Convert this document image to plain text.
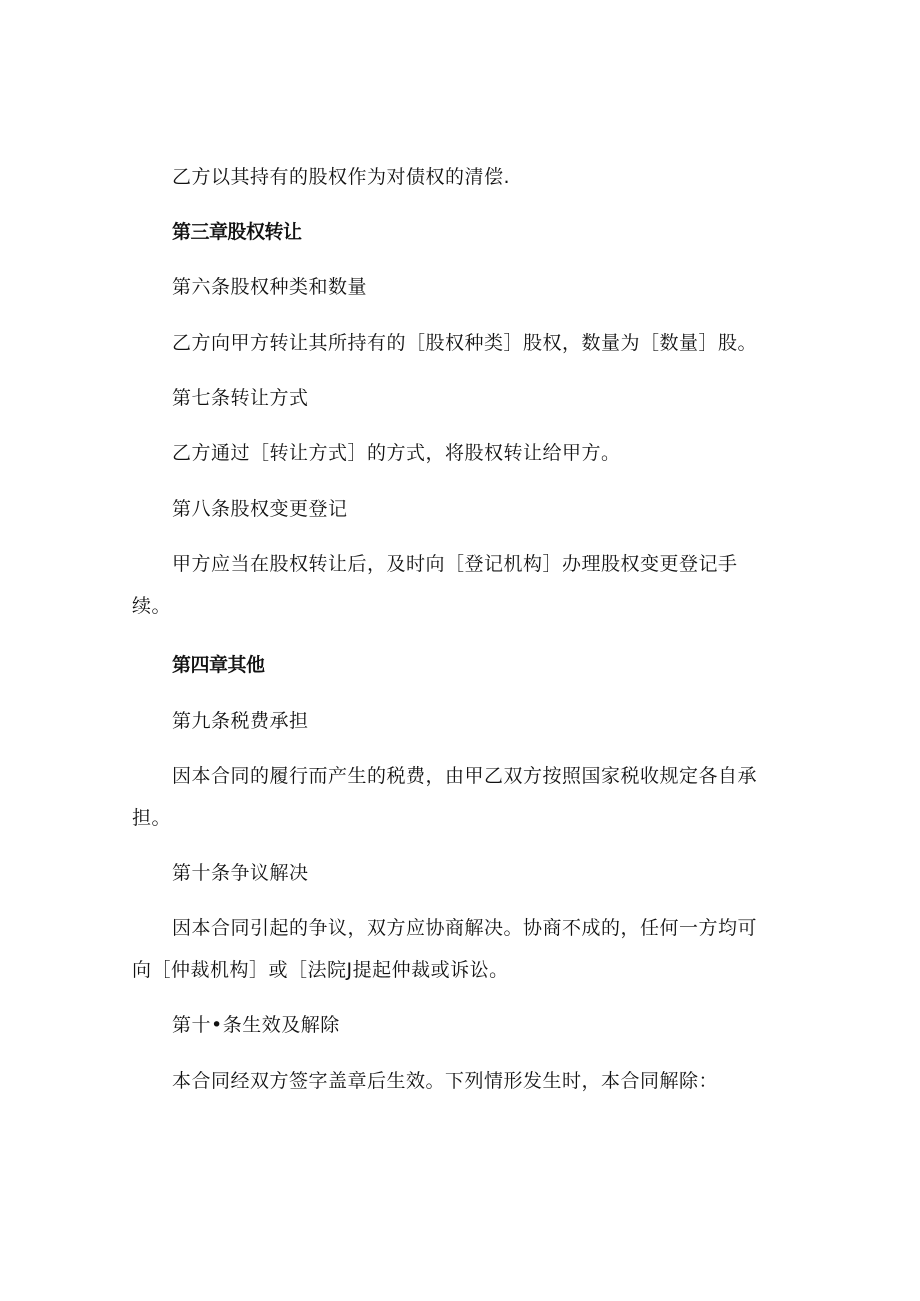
乙方以其持有的股权作为对债权的清偿.
第三章股权转让
第六条股权种类和数量
乙方向甲方转让其所持有的［股权种类］股权，数量为［数量］股。
第七条转让方式
乙方通过［转让方式］的方式，将股权转让给甲方。
第八条股权变更登记
甲方应当在股权转让后，及时向［登记机构］办理股权变更登记手
续。
第四章其他
第九条税费承担
因本合同的履行而产生的税费，由甲乙双方按照国家税收规定各自承
担。
第十条争议解决
因本合同引起的争议，双方应协商解决。协商不成的，任何一方均可
向［仲裁机构］或［法院J提起仲裁或诉讼。
第十•条生效及解除
本合同经双方签字盖章后生效。下列情形发生时，本合同解除：
